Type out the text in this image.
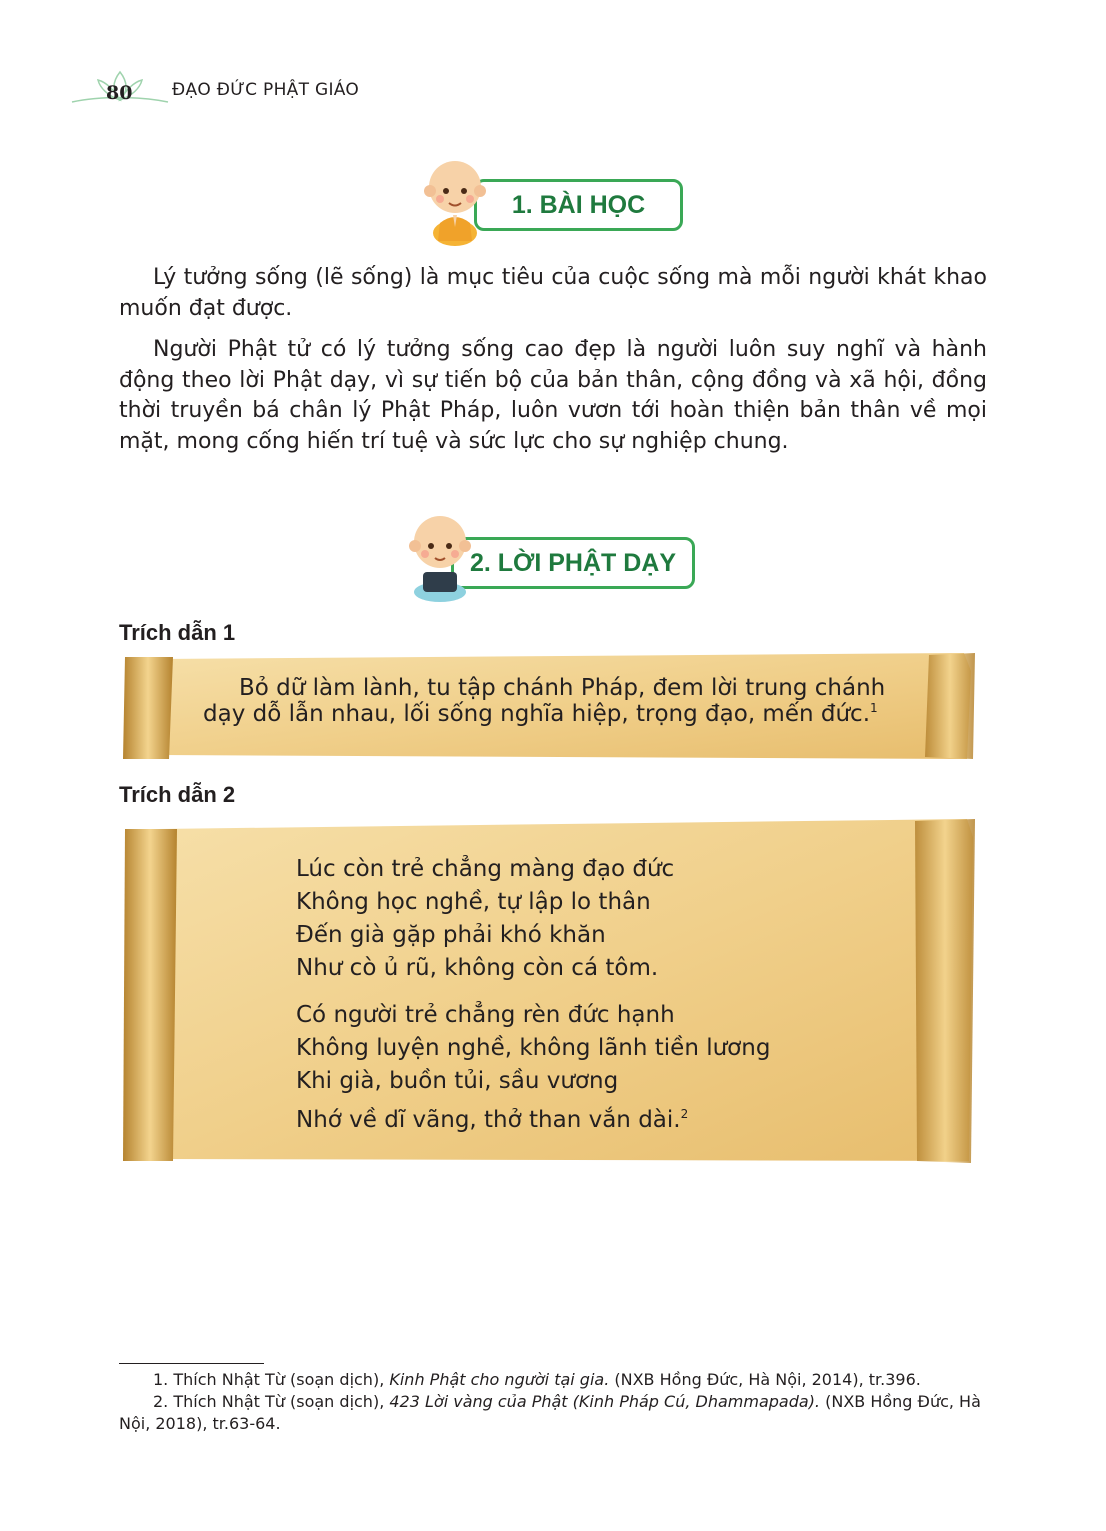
80 ĐẠO ĐỨC PHẬT GIÁO
1. BÀI HỌC

Lý tưởng sống (lẽ sống) là mục tiêu của cuộc sống mà mỗi người khát khao muốn đạt được.

Người Phật tử có lý tưởng sống cao đẹp là người luôn suy nghĩ và hành động theo lời Phật dạy, vì sự tiến bộ của bản thân, cộng đồng và xã hội, đồng thời truyền bá chân lý Phật Pháp, luôn vươn tới hoàn thiện bản thân về mọi mặt, mong cống hiến trí tuệ và sức lực cho sự nghiệp chung.

2. LỜI PHẬT DẠY
Trích dẫn 1

Bỏ dữ làm lành, tu tập chánh Pháp, đem lời trung chánh

dạy dỗ lẫn nhau, lối sống nghĩa hiệp, trọng đạo, mến đức.$^1$

Trích dẫn 2

Lúc còn trẻ chẳng màng đạo đức

Không học nghề, tự lập lo thân

Đến già gặp phải khó khăn

Như cò ủ rũ, không còn cá tôm.

Có người trẻ chẳng rèn đức hạnh

Không luyện nghề, không lãnh tiền lương

Khi già, buồn tủi, sầu vương

Nhớ về dĩ vãng, thở than vắn dài.$^2$

1. Thích Nhật Từ (soạn dịch), Kinh Phật cho người tại gia. (NXB Hồng Đức, Hà Nội, 2014), tr.396.

2. Thích Nhật Từ (soạn dịch), 423 Lời vàng của Phật (Kinh Pháp Cú, Dhammapada). (NXB Hồng Đức, Hà Nội, 2018), tr.63-64.
